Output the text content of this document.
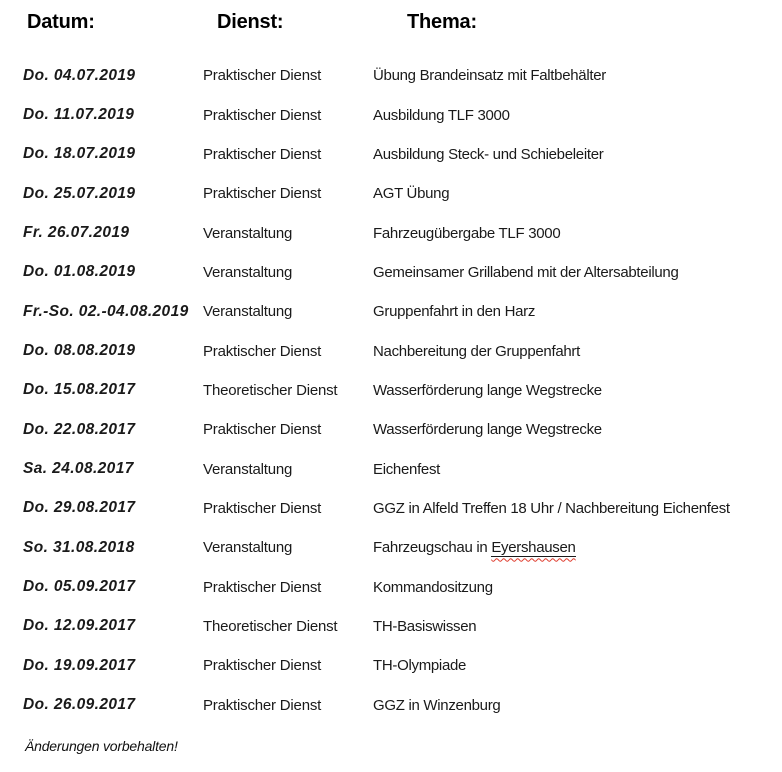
Datum:	Dienst:	Thema:
Do. 04.07.2019	Praktischer Dienst	Übung Brandeinsatz mit Faltbehälter
Do. 11.07.2019	Praktischer Dienst	Ausbildung TLF 3000
Do. 18.07.2019	Praktischer Dienst	Ausbildung Steck- und Schiebeleiter
Do. 25.07.2019	Praktischer Dienst	AGT Übung
Fr. 26.07.2019	Veranstaltung	Fahrzeugübergabe TLF 3000
Do. 01.08.2019	Veranstaltung	Gemeinsamer Grillabend mit der Altersabteilung
Fr.-So. 02.-04.08.2019 Veranstaltung	Gruppenfahrt in den Harz
Do. 08.08.2019	Praktischer Dienst	Nachbereitung der Gruppenfahrt
Do. 15.08.2017	Theoretischer Dienst	Wasserförderung lange Wegstrecke
Do. 22.08.2017	Praktischer Dienst	Wasserförderung lange Wegstrecke
Sa. 24.08.2017	Veranstaltung	Eichenfest
Do. 29.08.2017	Praktischer Dienst	GGZ in Alfeld Treffen 18 Uhr / Nachbereitung Eichenfest
So. 31.08.2018	Veranstaltung	Fahrzeugschau in Eyershausen
Do. 05.09.2017	Praktischer Dienst	Kommandositzung
Do. 12.09.2017	Theoretischer Dienst	TH-Basiswissen
Do. 19.09.2017	Praktischer Dienst	TH-Olympiade
Do. 26.09.2017	Praktischer Dienst	GGZ in Winzenburg
Änderungen vorbehalten!
